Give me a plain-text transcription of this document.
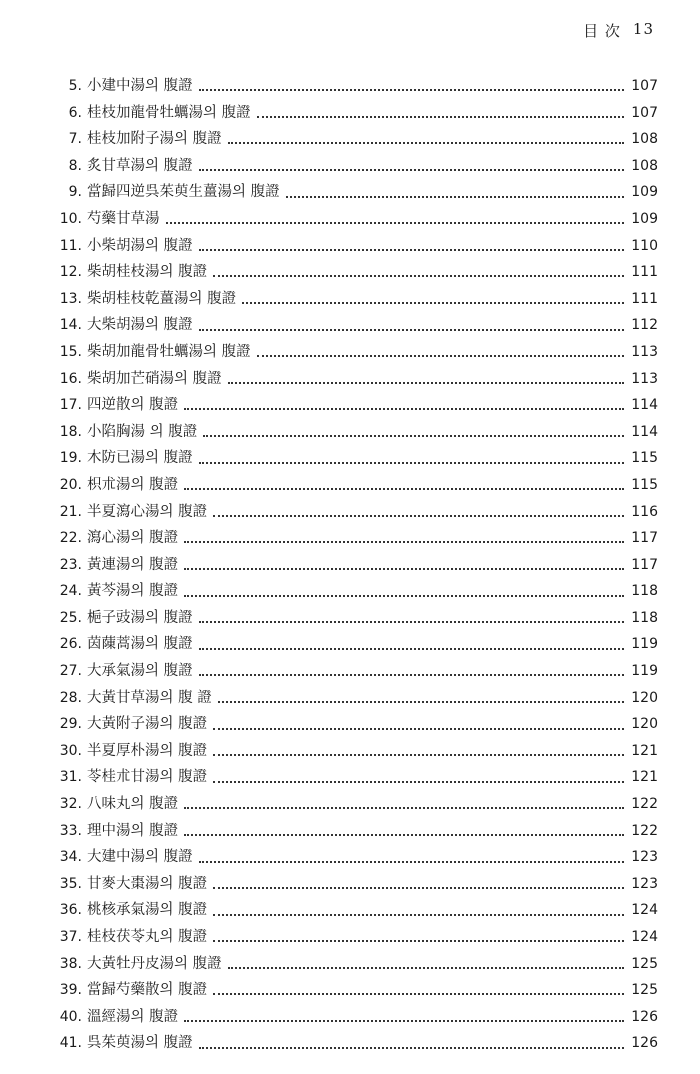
目 次 13
5. 小建中湯의 腹證	107
6. 桂枝加龍骨牡蠣湯의 腹證	107
7. 桂枝加附子湯의 腹證	108
8. 炙甘草湯의 腹證	108
9. 當歸四逆呉茱萸生薑湯의 腹證	109
10. 芍藥甘草湯	109
11. 小柴胡湯의 腹證	110
12. 柴胡桂枝湯의 腹證	111
13. 柴胡桂枝乾薑湯의 腹證	111
14. 大柴胡湯의 腹證	112
15. 柴胡加龍骨牡蠣湯의 腹證	113
16. 柴胡加芒硝湯의 腹證	113
17. 四逆散의 腹證	114
18. 小陷胸湯 의 腹證	114
19. 木防已湯의 腹證	115
20. 枳朮湯의 腹證	115
21. 半夏瀉心湯의 腹證	116
22. 瀉心湯의 腹證	117
23. 黃連湯의 腹證	117
24. 黃芩湯의 腹證	118
25. 梔子豉湯의 腹證	118
26. 茵蔯蒿湯의 腹證	119
27. 大承氣湯의 腹證	119
28. 大黃甘草湯의 腹 證	120
29. 大黃附子湯의 腹證	120
30. 半夏厚朴湯의 腹證	121
31. 苓桂朮甘湯의 腹證	121
32. 八味丸의 腹證	122
33. 理中湯의 腹證	122
34. 大建中湯의 腹證	123
35. 甘麥大棗湯의 腹證	123
36. 桃核承氣湯의 腹證	124
37. 桂枝茯苓丸의 腹證	124
38. 大黃牡丹皮湯의 腹證	125
39. 當歸芍藥散의 腹證	125
40. 溫經湯의 腹證	126
41. 呉茱萸湯의 腹證	126
